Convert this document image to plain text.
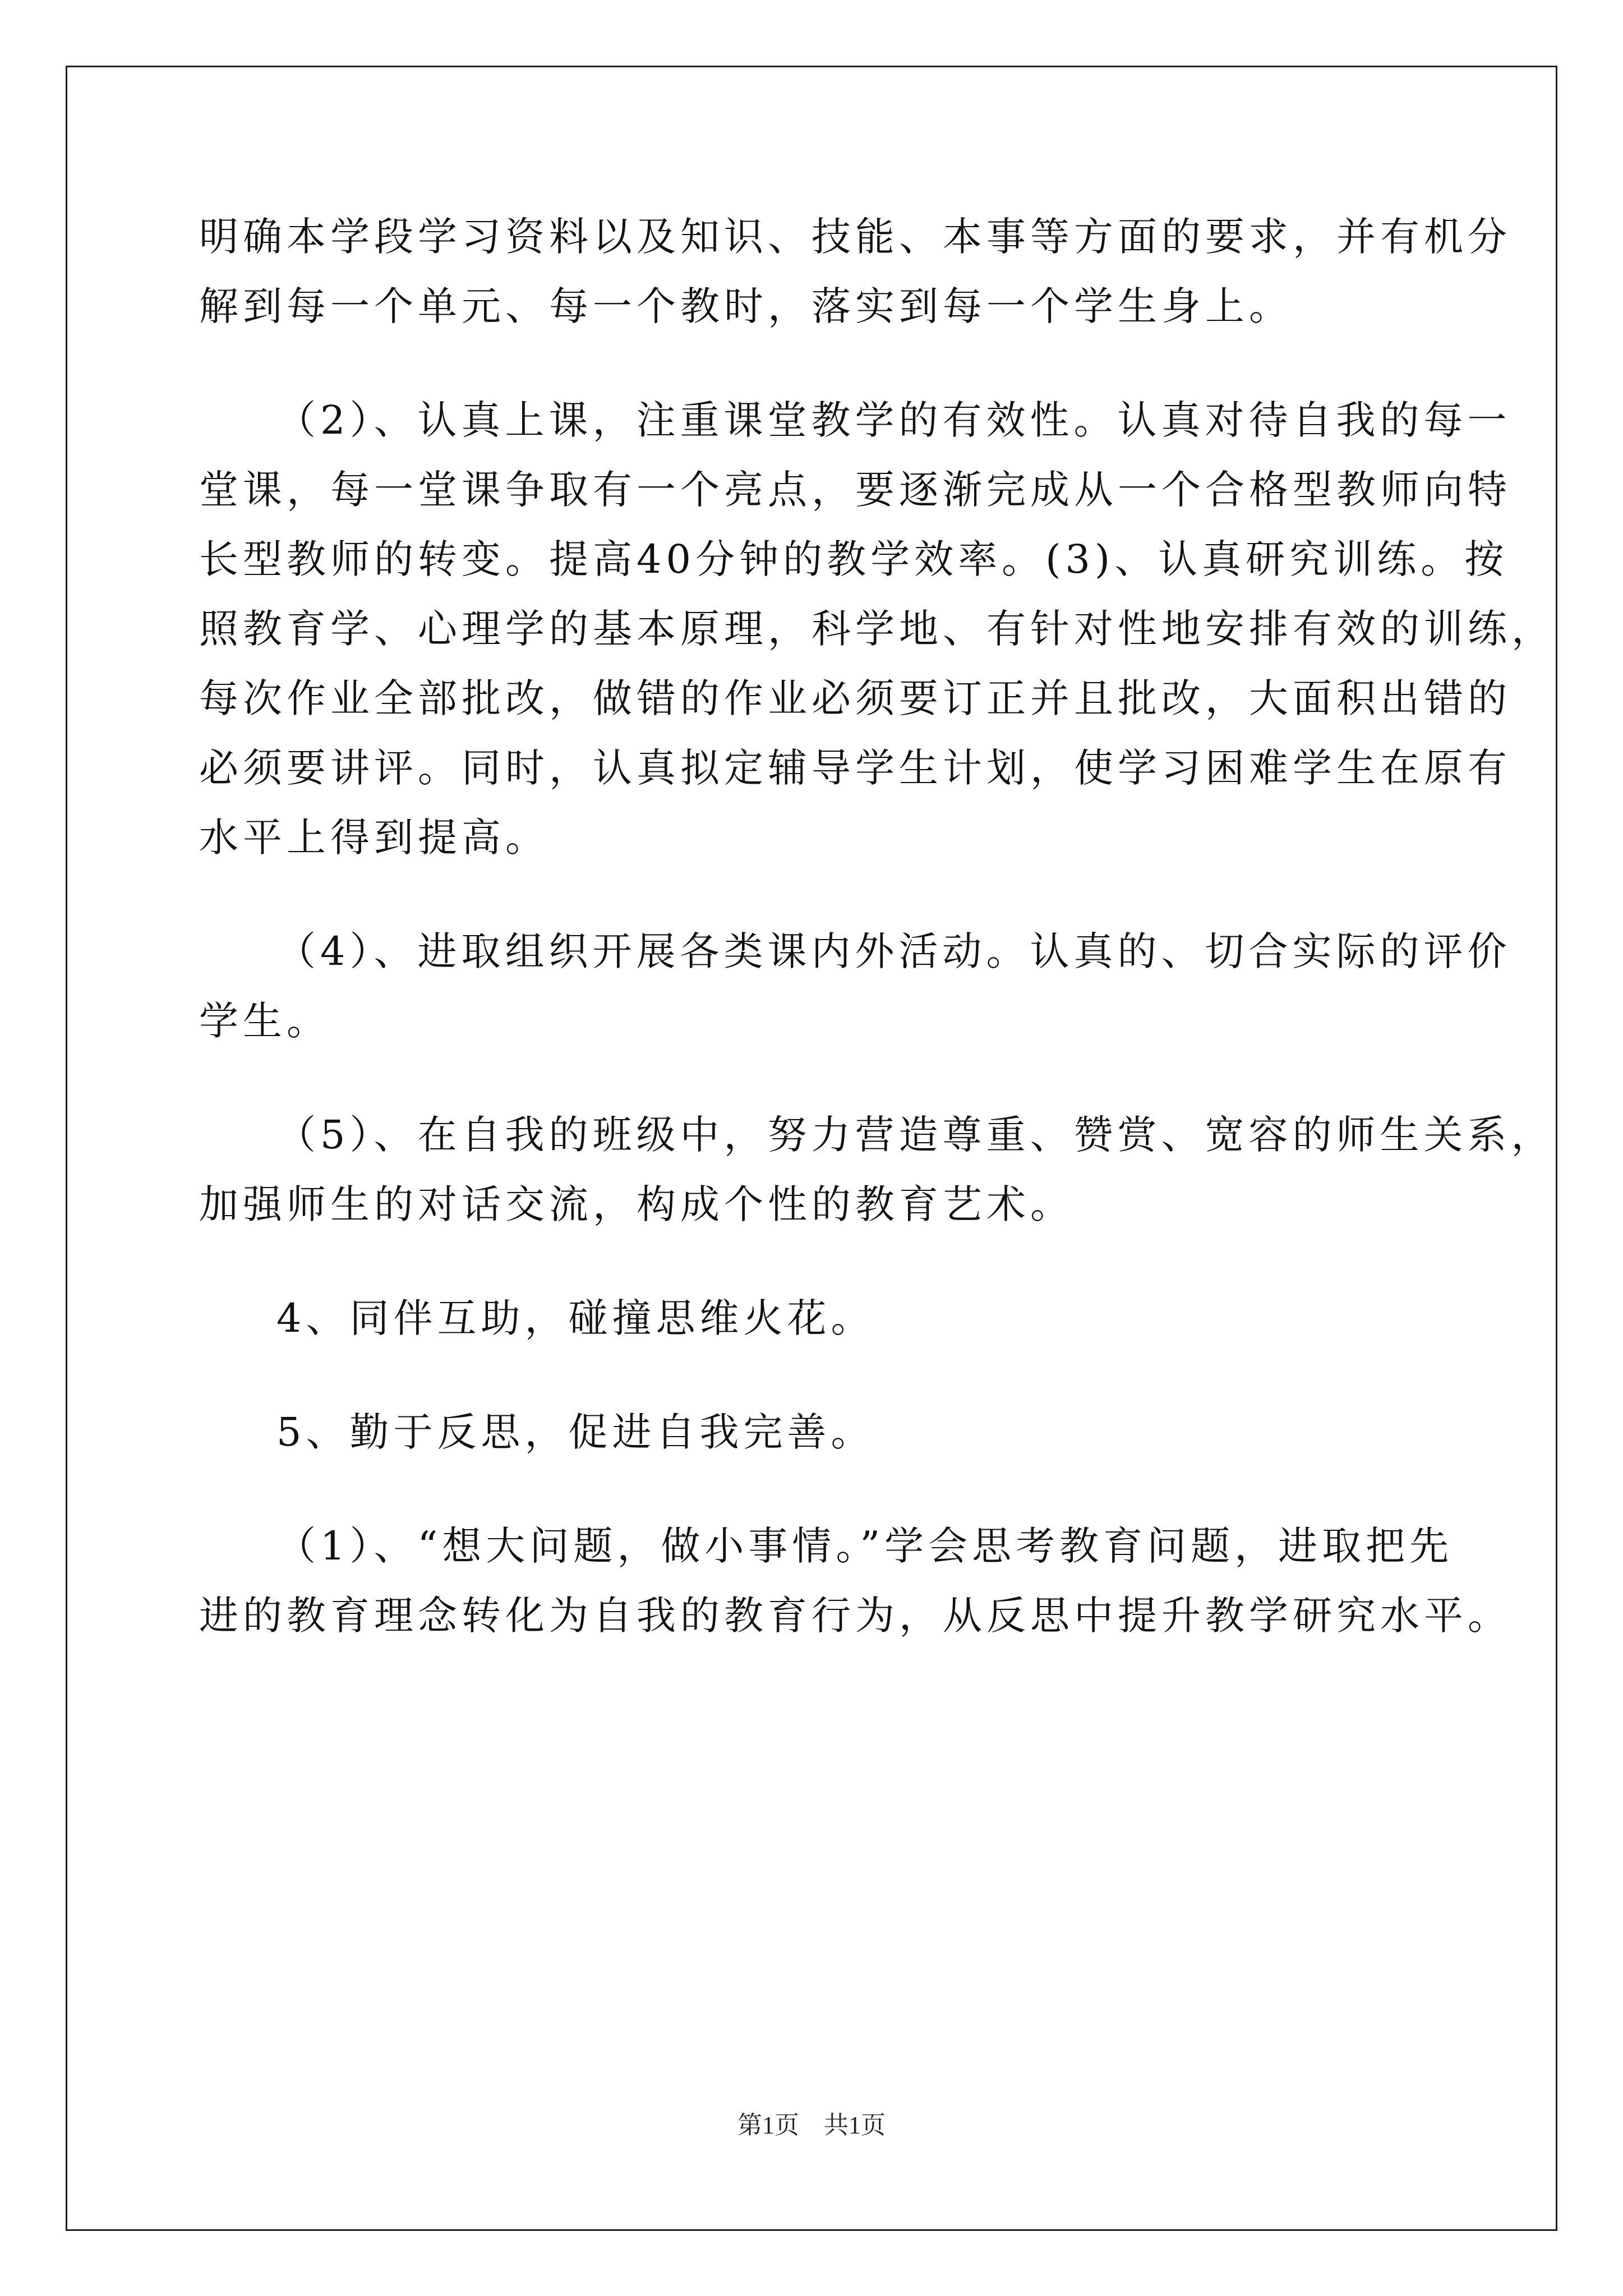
明确本学段学习资料以及知识、技能、本事等方面的要求，并有机分
解到每一个单元、每一个教时，落实到每一个学生身上。
（2）、认真上课，注重课堂教学的有效性。认真对待自我的每一
堂课，每一堂课争取有一个亮点，要逐渐完成从一个合格型教师向特
长型教师的转变。提高40分钟的教学效率。(3)、认真研究训练。按
照教育学、心理学的基本原理，科学地、有针对性地安排有效的训练，
每次作业全部批改，做错的作业必须要订正并且批改，大面积出错的
必须要讲评。同时，认真拟定辅导学生计划，使学习困难学生在原有
水平上得到提高。
（4）、进取组织开展各类课内外活动。认真的、切合实际的评价
学生。
（5）、在自我的班级中，努力营造尊重、赞赏、宽容的师生关系，
加强师生的对话交流，构成个性的教育艺术。
4、同伴互助，碰撞思维火花。
5、勤于反思，促进自我完善。
（1）、“想大问题，做小事情。”学会思考教育问题，进取把先
进的教育理念转化为自我的教育行为，从反思中提升教学研究水平。
第1页　共1页
